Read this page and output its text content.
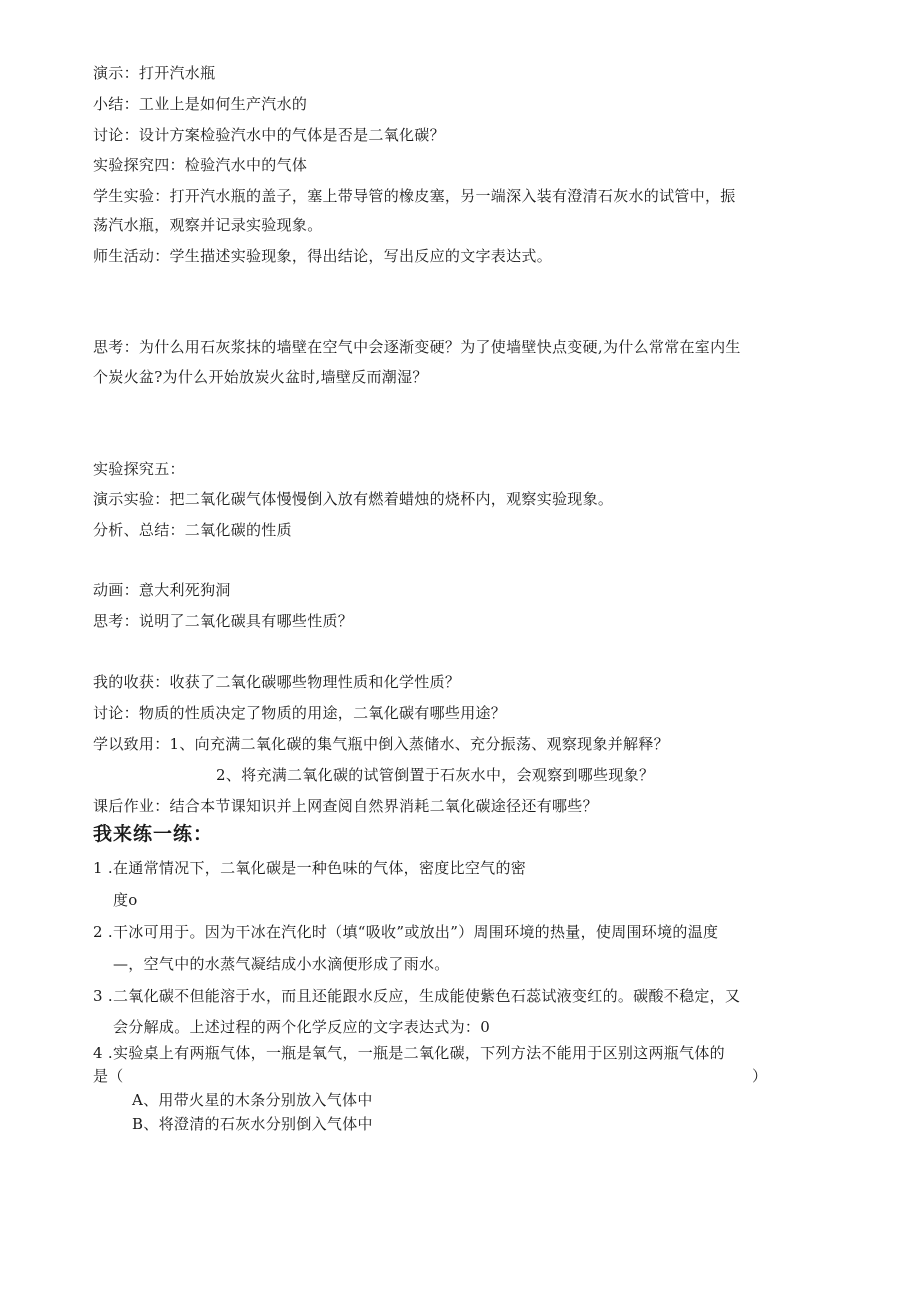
演示：打开汽水瓶
小结：工业上是如何生产汽水的
讨论：设计方案检验汽水中的气体是否是二氧化碳？
实验探究四：检验汽水中的气体
学生实验：打开汽水瓶的盖子，塞上带导管的橡皮塞，另一端深入装有澄清石灰水的试管中，振
荡汽水瓶，观察并记录实验现象。
师生活动：学生描述实验现象，得出结论，写出反应的文字表达式。
思考：为什么用石灰浆抹的墙壁在空气中会逐渐变硬？为了使墙壁快点变硬,为什么常常在室内生
个炭火盆?为什么开始放炭火盆时,墙壁反而潮湿？
实验探究五：
演示实验：把二氧化碳气体慢慢倒入放有燃着蜡烛的烧杯内，观察实验现象。
分析、总结：二氧化碳的性质
动画：意大利死狗洞
思考：说明了二氧化碳具有哪些性质？
我的收获：收获了二氧化碳哪些物理性质和化学性质？
讨论：物质的性质决定了物质的用途，二氧化碳有哪些用途？
学以致用：1、向充满二氧化碳的集气瓶中倒入蒸储水、充分振荡、观察现象并解释？
2、将充满二氧化碳的试管倒置于石灰水中，会观察到哪些现象？
课后作业：结合本节课知识并上网查阅自然界消耗二氧化碳途径还有哪些？
我来练一练：
1 .在通常情况下，二氧化碳是一种色味的气体，密度比空气的密
度o
2 .干冰可用于。因为干冰在汽化时（填“吸收”或放出”）周围环境的热量，使周围环境的温度
—，空气中的水蒸气凝结成小水滴便形成了雨水。
3 .二氧化碳不但能溶于水，而且还能跟水反应，生成能使紫色石蕊试液变红的。碳酸不稳定，又
会分解成。上述过程的两个化学反应的文字表达式为：0
4 .实验桌上有两瓶气体，一瓶是氧气，一瓶是二氧化碳，下列方法不能用于区别这两瓶气体的
是（	）
A、用带火星的木条分别放入气体中
B、将澄清的石灰水分别倒入气体中
